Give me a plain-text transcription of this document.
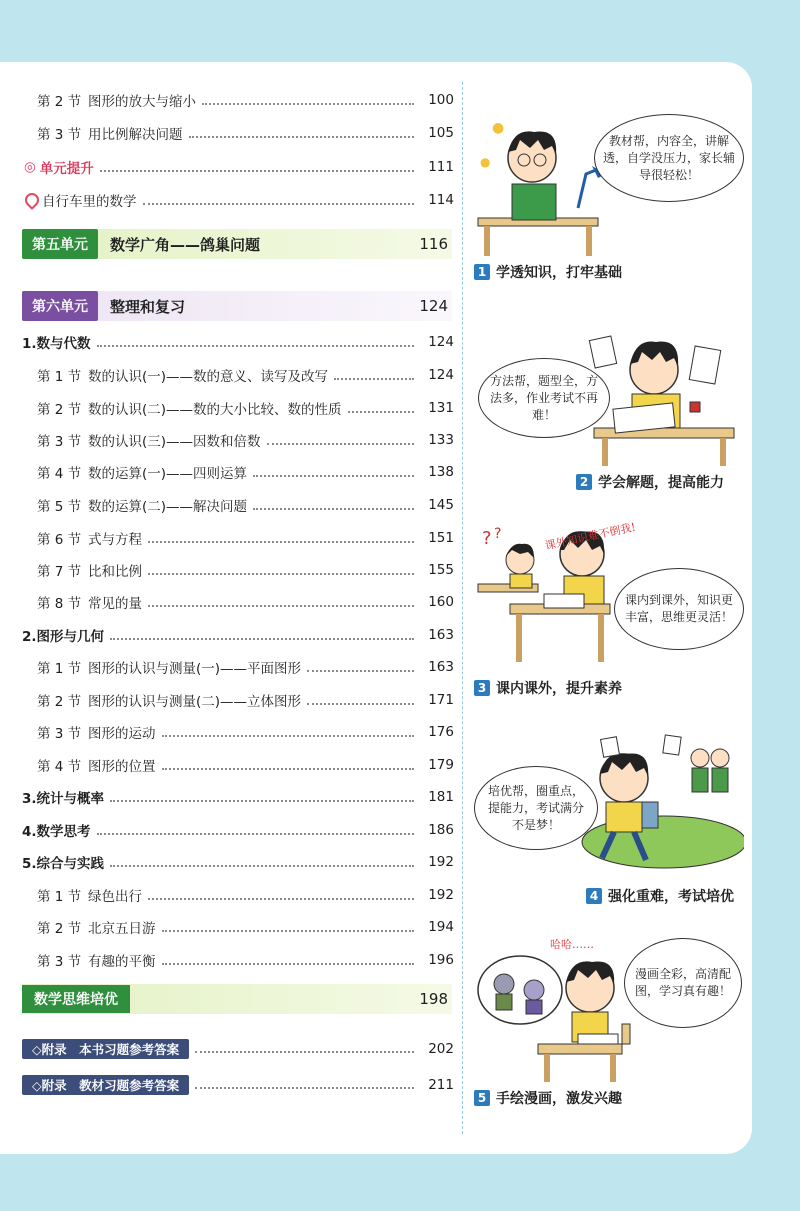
第 2 节 图形的放大与缩小	100
第 3 节 用比例解决问题	105
◎ 单元提升	111
自行车里的数学	114
第五单元	数学广角——鸽巢问题	116
第六单元	整理和复习	124
1.数与代数	124
第 1 节 数的认识(一)——数的意义、读写及改写	124
第 2 节 数的认识(二)——数的大小比较、数的性质	131
第 3 节 数的认识(三)——因数和倍数	133
第 4 节 数的运算(一)——四则运算	138
第 5 节 数的运算(二)——解决问题	145
第 6 节 式与方程	151
第 7 节 比和比例	155
第 8 节 常见的量	160
2.图形与几何	163
第 1 节 图形的认识与测量(一)——平面图形	163
第 2 节 图形的认识与测量(二)——立体图形	171
第 3 节 图形的运动	176
第 4 节 图形的位置	179
3.统计与概率	181
4.数学思考	186
5.综合与实践	192
第 1 节 绿色出行	192
第 2 节 北京五日游	194
第 3 节 有趣的平衡	196
数学思维培优	198
◇附录　本书习题参考答案	202
◇附录　教材习题参考答案	211
●
●
教材帮，内容全，讲解透，自学没压力，家长辅导很轻松！
1 学透知识，打牢基础
方法帮，题型全，方法多，作业考试不再难！
2 学会解题，提高能力
? ?	课外知识难不倒我!
课内到课外，知识更丰富，思维更灵活！
3 课内课外，提升素养
培优帮，圈重点，提能力，考试满分不是梦！
4 强化重难，考试培优
哈哈……
漫画全彩，高清配图，学习真有趣！
5 手绘漫画，激发兴趣
